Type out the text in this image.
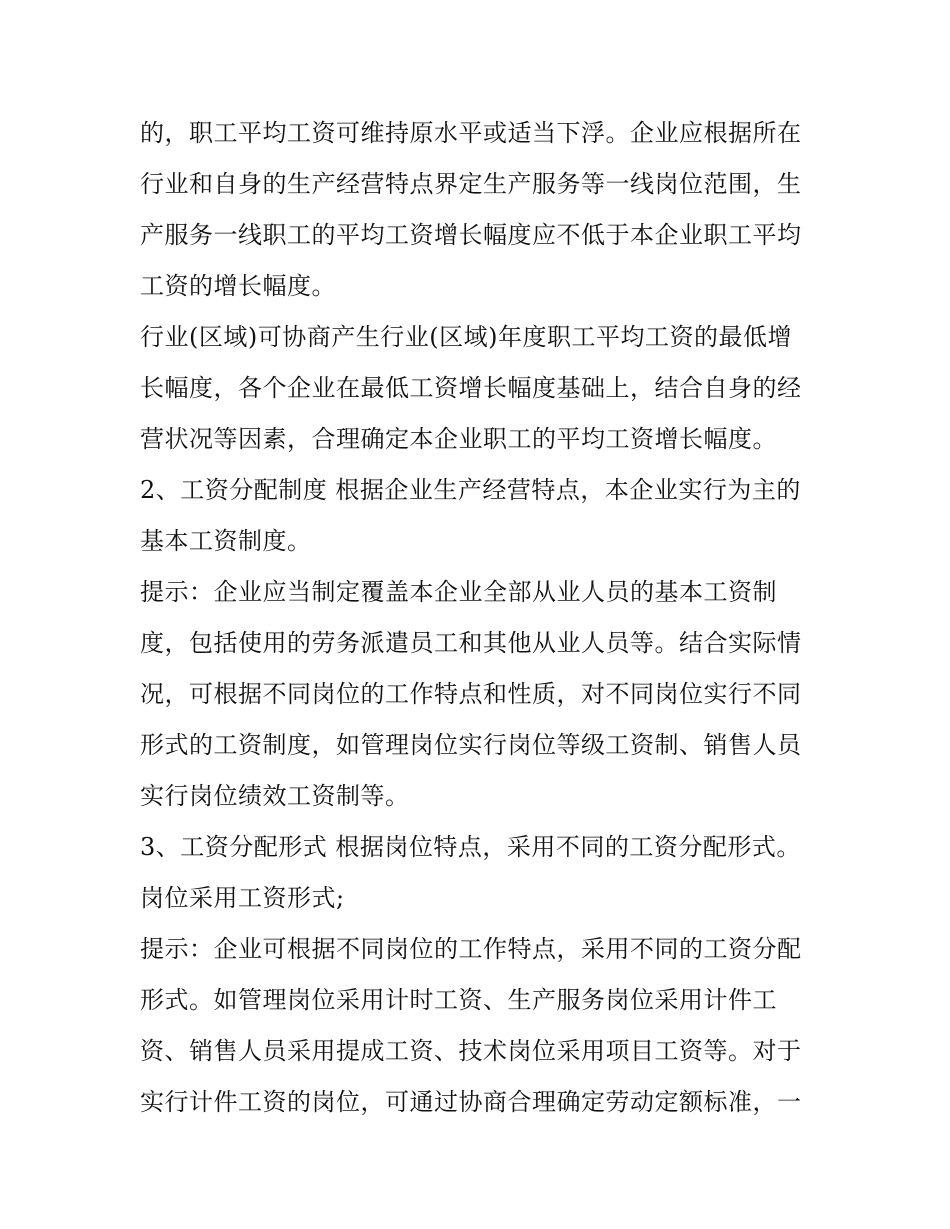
的，职工平均工资可维持原水平或适当下浮。企业应根据所在
行业和自身的生产经营特点界定生产服务等一线岗位范围，生
产服务一线职工的平均工资增长幅度应不低于本企业职工平均
工资的增长幅度。
行业(区域)可协商产生行业(区域)年度职工平均工资的最低增
长幅度，各个企业在最低工资增长幅度基础上，结合自身的经
营状况等因素，合理确定本企业职工的平均工资增长幅度。
2、工资分配制度 根据企业生产经营特点，本企业实行为主的
基本工资制度。
提示：企业应当制定覆盖本企业全部从业人员的基本工资制
度，包括使用的劳务派遣员工和其他从业人员等。结合实际情
况，可根据不同岗位的工作特点和性质，对不同岗位实行不同
形式的工资制度，如管理岗位实行岗位等级工资制、销售人员
实行岗位绩效工资制等。
3、工资分配形式 根据岗位特点，采用不同的工资分配形式。
岗位采用工资形式;
提示：企业可根据不同岗位的工作特点，采用不同的工资分配
形式。如管理岗位采用计时工资、生产服务岗位采用计件工
资、销售人员采用提成工资、技术岗位采用项目工资等。对于
实行计件工资的岗位，可通过协商合理确定劳动定额标准，一
